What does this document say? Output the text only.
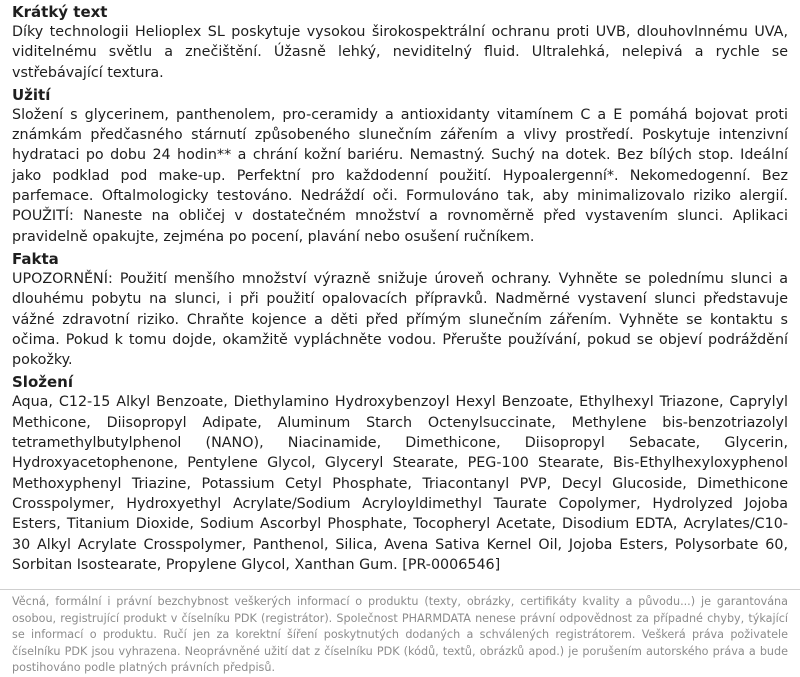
Krátký text

Díky technologii Helioplex SL poskytuje vysokou širokospektrální ochranu proti UVB, dlouhovlnnému UVA, viditelnému světlu a znečištění. Úžasně lehký, neviditelný fluid. Ultralehká, nelepivá a rychle se vstřebávající textura.

Užití

Složení s glycerinem, panthenolem, pro-ceramidy a antioxidanty vitamínem C a E pomáhá bojovat proti známkám předčasného stárnutí způsobeného slunečním zářením a vlivy prostředí. Poskytuje intenzivní hydrataci po dobu 24 hodin** a chrání kožní bariéru. Nemastný. Suchý na dotek. Bez bílých stop. Ideální jako podklad pod make-up. Perfektní pro každodenní použití. Hypoalergenní*. Nekomedogenní. Bez parfemace. Oftalmologicky testováno. Nedráždí oči. Formulováno tak, aby minimalizovalo riziko alergií. POUŽITÍ: Naneste na obličej v dostatečném množství a rovnoměrně před vystavením slunci. Aplikaci pravidelně opakujte, zejména po pocení, plavání nebo osušení ručníkem.

Fakta

UPOZORNĚNÍ: Použití menšího množství výrazně snižuje úroveň ochrany. Vyhněte se polednímu slunci a dlouhému pobytu na slunci, i při použití opalovacích přípravků. Nadměrné vystavení slunci představuje vážné zdravotní riziko. Chraňte kojence a děti před přímým slunečním zářením. Vyhněte se kontaktu s očima. Pokud k tomu dojde, okamžitě vypláchněte vodou. Přerušte používání, pokud se objeví podráždění pokožky.

Složení

Aqua, C12-15 Alkyl Benzoate, Diethylamino Hydroxybenzoyl Hexyl Benzoate, Ethylhexyl Triazone, Caprylyl Methicone, Diisopropyl Adipate, Aluminum Starch Octenylsuccinate, Methylene bis-benzotriazolyl tetramethylbutylphenol (NANO), Niacinamide, Dimethicone, Diisopropyl Sebacate, Glycerin, Hydroxyacetophenone, Pentylene Glycol, Glyceryl Stearate, PEG-100 Stearate, Bis-Ethylhexyloxyphenol Methoxyphenyl Triazine, Potassium Cetyl Phosphate, Triacontanyl PVP, Decyl Glucoside, Dimethicone Crosspolymer, Hydroxyethyl Acrylate/Sodium Acryloyldimethyl Taurate Copolymer, Hydrolyzed Jojoba Esters, Titanium Dioxide, Sodium Ascorbyl Phosphate, Tocopheryl Acetate, Disodium EDTA, Acrylates/C10-30 Alkyl Acrylate Crosspolymer, Panthenol, Silica, Avena Sativa Kernel Oil, Jojoba Esters, Polysorbate 60, Sorbitan Isostearate, Propylene Glycol, Xanthan Gum. [PR-0006546]

Věcná, formální i právní bezchybnost veškerých informací o produktu (texty, obrázky, certifikáty kvality a původu...) je garantována osobou, registrující produkt v číselníku PDK (registrátor). Společnost PHARMDATA nenese právní odpovědnost za případné chyby, týkající se informací o produktu. Ručí jen za korektní šíření poskytnutých dodaných a schválených registrátorem. Veškerá práva poživatele číselníku PDK jsou vyhrazena. Neoprávněné užití dat z číselníku PDK (kódů, textů, obrázků apod.) je porušením autorského práva a bude postihováno podle platných právních předpisů.
